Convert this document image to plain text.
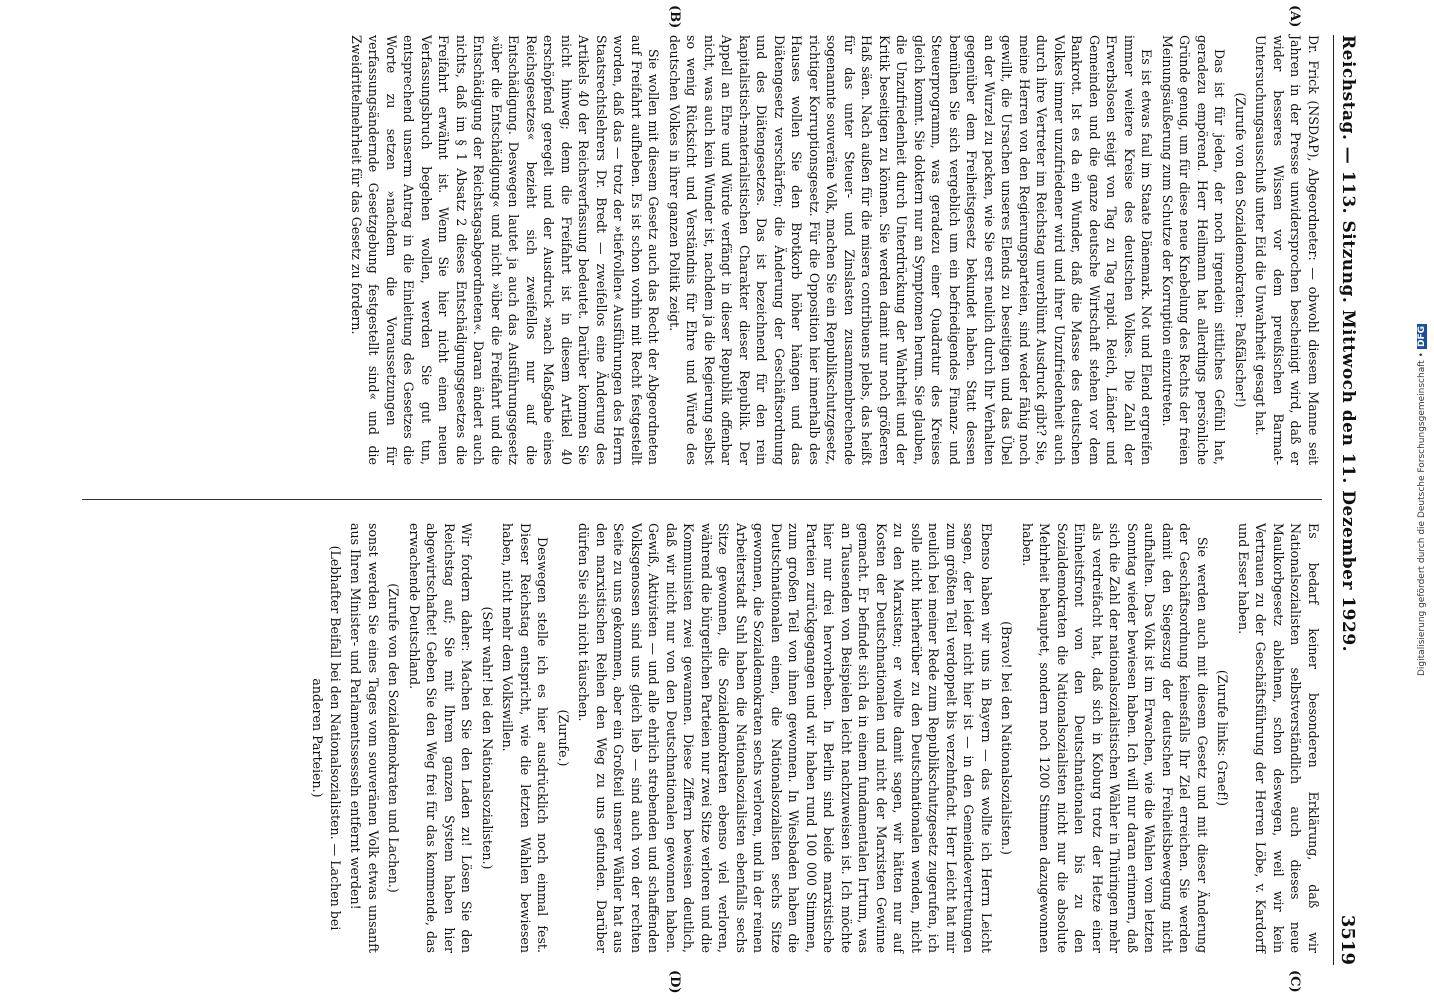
Reichstag. — 113. Sitzung. Mittwoch den 11. Dezember 1929.
3519
(A)
(B)
(C)
(D)

Dr. Frick (NSDAP), Abgeordneter: — obwohl diesem Manne seit Jahren in der Presse unwidersprochen bescheinigt wird, daß er wider besseres Wissen vor dem preußischen Barmat-Untersuchungsausschuß unter Eid die Unwahrheit gesagt hat.

(Zurufe von den Sozialdemokraten: Paßfälscher!)

Das ist für jeden, der noch irgendein sittliches Gefühl hat, geradezu empörend. Herr Heilmann hat allerdings persönliche Gründe genug, um für diese neue Knebelung des Rechts der freien Meinungsäußerung zum Schutze der Korruption einzutreten.

Es ist etwas faul im Staate Dänemark. Not und Elend ergreifen immer weitere Kreise des deutschen Volkes. Die Zahl der Erwerbslosen steigt von Tag zu Tag rapid. Reich, Länder und Gemeinden und die ganze deutsche Wirtschaft stehen vor dem Bankrott. Ist es da ein Wunder, daß die Masse des deutschen Volkes immer unzufriedener wird und ihrer Unzufriedenheit auch durch ihre Vertreter im Reichstag unverblümt Ausdruck gibt? Sie, meine Herren von den Regierungsparteien, sind weder fähig noch gewillt, die Ursachen unseres Elends zu beseitigen und das Übel an der Wurzel zu packen, wie Sie erst neulich durch Ihr Verhalten gegenüber dem Freiheitsgesetz bekundet haben. Statt dessen bemühen Sie sich vergeblich um ein befriedigendes Finanz- und Steuerprogramm, was geradezu einer Quadratur des Kreises gleich kommt. Sie doktern nur an Symptomen herum. Sie glauben, die Unzufriedenheit durch Unterdrückung der Wahrheit und der Kritik beseitigen zu können. Sie werden damit nur noch größeren Haß säen. Nach außen für die misera contribuens plebs, das heißt für das unter Steuer- und Zinslasten zusammenbrechende sogenannte souveräne Volk, machen Sie ein Republikschutzgesetz, richtiger Korruptionsgesetz. Für die Opposition hier innerhalb des Hauses wollen Sie den Brotkorb höher hängen und das Diätengesetz verschärfen; die Änderung der Geschäftsordnung und des Diätengesetzes. Das ist bezeichnend für den rein kapitalistisch-materialistischen Charakter dieser Republik. Der Appell an Ehre und Würde verfängt in dieser Republik offenbar nicht, was auch kein Wunder ist, nachdem ja die Regierung selbst so wenig Rücksicht und Verständnis für Ehre und Würde des deutschen Volkes in ihrer ganzen Politik zeigt.

Sie wollen mit diesem Gesetz auch das Recht der Abgeordneten auf Freifahrt aufheben. Es ist schon vorhin mit Recht festgestellt worden, daß das — trotz der »tiefvollen« Ausführungen des Herrn Staatsrechtslehrers Dr. Bredt — zweifellos eine Änderung des Artikels 40 der Reichsverfassung bedeutet. Darüber kommen Sie nicht hinweg; denn die Freifahrt ist in diesem Artikel 40 erschöpfend geregelt und der Ausdruck »nach Maßgabe eines Reichsgesetzes« bezieht sich zweifellos nur auf die Entschädigung. Deswegen lautet ja auch das Ausführungsgesetz »über die Entschädigung« und nicht »über die Freifahrt und die Entschädigung der Reichstagsabgeordneten«. Daran ändert auch nichts, daß im § 1 Absatz 2 dieses Entschädigungsgesetzes die Freifahrt erwähnt ist. Wenn Sie hier nicht einen neuen Verfassungsbruch begehen wollen, werden Sie gut tun, entsprechend unserm Antrag in die Einleitung des Gesetzes die Worte zu setzen »nachdem die Voraussetzungen für verfassungsändernde Gesetzgebung festgestellt sind« und die Zweidrittelmehrheit für das Gesetz zu fordern.

Es bedarf keiner besonderen Erklärung, daß wir Nationalsozialisten selbstverständlich auch dieses neue Maulkorbgesetz ablehnen, schon deswegen, weil wir kein Vertrauen zu der Geschäftsführung der Herren Löbe, v. Kardorff und Esser haben.

(Zurufe links: Graef!)

Sie werden auch mit diesem Gesetz und mit dieser Änderung der Geschäftsordnung keinesfalls Ihr Ziel erreichen. Sie werden damit den Siegeszug der deutschen Freiheitsbewegung nicht aufhalten. Das Volk ist im Erwachen, wie die Wahlen vom letzten Sonntag wieder bewiesen haben. Ich will nur daran erinnern, daß sich die Zahl der nationalsozialistischen Wähler in Thüringen mehr als verdreifacht hat, daß sich in Koburg trotz der Hetze einer Einheitsfront von den Deutschnationalen bis zu den Sozialdemokraten die Nationalsozialisten nicht nur die absolute Mehrheit behauptet, sondern noch 1200 Stimmen dazugewonnen haben.

(Bravo! bei den Nationalsozialisten.)

Ebenso haben wir uns in Bayern — das wollte ich Herrn Leicht sagen, der leider nicht hier ist — in den Gemeindevertretungen zum größten Teil verdoppelt bis verzehnfacht. Herr Leicht hat mir neulich bei meiner Rede zum Republikschutzgesetz zugerufen, ich solle nicht hierherüber zu den Deutschnationalen wenden, nicht zu den Marxisten; er wollte damit sagen, wir hätten nur auf Kosten der Deutschnationalen und nicht der Marxisten Gewinne gemacht. Er befindet sich da in einem fundamentalen Irrtum, was an Tausenden von Beispielen leicht nachzuweisen ist. Ich möchte hier nur drei hervorheben. In Berlin sind beide marxistische Parteien zurückgegangen und wir haben rund 100 000 Stimmen, zum großen Teil von ihnen gewonnen. In Wiesbaden haben die Deutschnationalen einen, die Nationalsozialisten sechs Sitze gewonnen, die Sozialdemokraten sechs verloren, und in der reinen Arbeiterstadt Suhl haben die Nationalsozialisten ebenfalls sechs Sitze gewonnen, die Sozialdemokraten ebenso viel verloren, während die bürgerlichen Parteien nur zwei Sitze verloren und die Kommunisten zwei gewannen. Diese Ziffern beweisen deutlich, daß wir nicht nur von den Deutschnationalen gewonnen haben. Gewiß, Aktivisten — und alle ehrlich strebenden und schaffenden Volksgenossen sind uns gleich lieb — sind auch von der rechten Seite zu uns gekommen, aber ein Großteil unserer Wähler hat aus den marxistischen Reihen den Weg zu uns gefunden. Darüber dürfen Sie sich nicht täuschen.

(Zurufe.)

Deswegen stelle ich es hier ausdrücklich noch einmal fest. Dieser Reichstag entspricht, wie die letzten Wahlen bewiesen haben, nicht mehr dem Volkswillen.

(Sehr wahr! bei den Nationalsozialisten.)

Wir fordern daher: Machen Sie den Laden zu! Lösen Sie den Reichstag auf; Sie mit Ihrem ganzen System haben hier abgewirtschaftet! Geben Sie den Weg frei für das kommende, das erwachende Deutschland.

(Zurufe von den Sozialdemokraten und Lachen.)

sonst werden Sie eines Tages vom souveränen Volk etwas unsanft aus Ihren Minister- und Parlamentssesseln entfernt werden!

(Lebhafter Beifall bei den Nationalsozialisten. — Lachen bei anderen Parteien.)

Digitalisierung gefördert durch die Deutsche Forschungsgemeinschaft •
DFG
